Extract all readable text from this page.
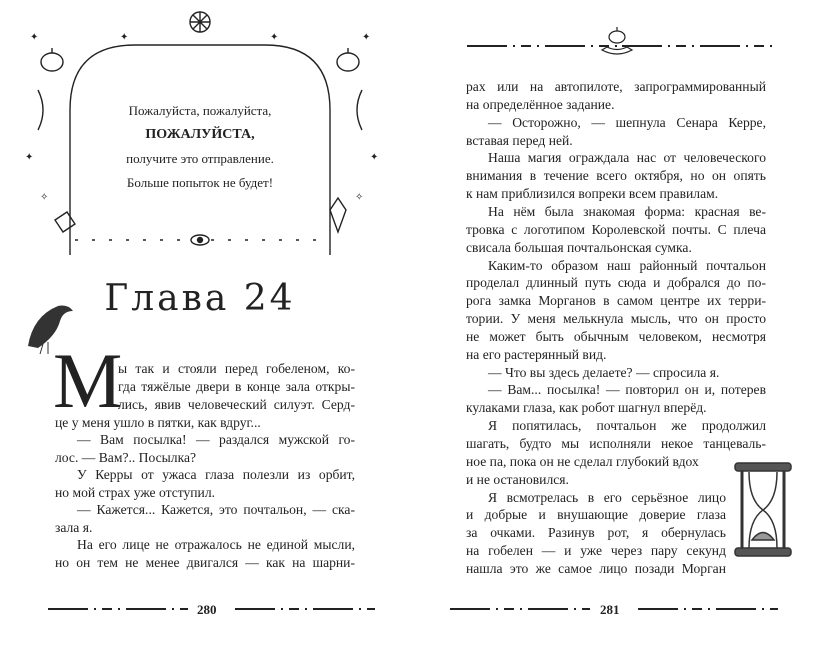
✦	✦
✦	✦
✦	✦
✧	✧
Пожалуйста, пожалуйста,
ПОЖАЛУЙСТА,
получите это отправление.
Больше попыток не будет!
Глава 24
М
280	281
ы так и стояли перед гобеленом, ко-
гда тяжёлые двери в конце зала откры-
лись, явив человеческий силуэт. Серд-
це у меня ушло в пятки, как вдруг...
— Вам посылка! — раздался мужской го-
лос. — Вам?.. Посылка?
У Керры от ужаса глаза полезли из орбит,
но мой страх уже отступил.
— Кажется... Кажется, это почтальон, — ска-
зала я.
На его лице не отражалось не единой мысли,
но он тем не менее двигался — как на шарни-
рах или на автопилоте, запрограммированный
на определённое задание.
— Осторожно, — шепнула Сенара Керре,
вставая перед ней.
Наша магия ограждала нас от человеческого
внимания в течение всего октября, но он опять
к нам приблизился вопреки всем правилам.
На нём была знакомая форма: красная ве-
тровка с логотипом Королевской почты. С плеча
свисала большая почтальонская сумка.
Каким-то образом наш районный почтальон
проделал длинный путь сюда и добрался до по-
рога замка Морганов в самом центре их терри-
тории. У меня мелькнула мысль, что он просто
не может быть обычным человеком, несмотря
на его растерянный вид.
— Что вы здесь делаете? — спросила я.
— Вам... посылка! — повторил он и, потерев
кулаками глаза, как робот шагнул вперёд.
Я попятилась, почтальон же продолжил
шагать, будто мы исполняли некое танцеваль-
ное па, пока он не сделал глубокий вдох
и не остановился.
Я всмотрелась в его серьёзное лицо
и добрые и внушающие доверие глаза
за очками. Разинув рот, я обернулась
на гобелен — и уже через пару секунд
нашла это же самое лицо позади Морган
